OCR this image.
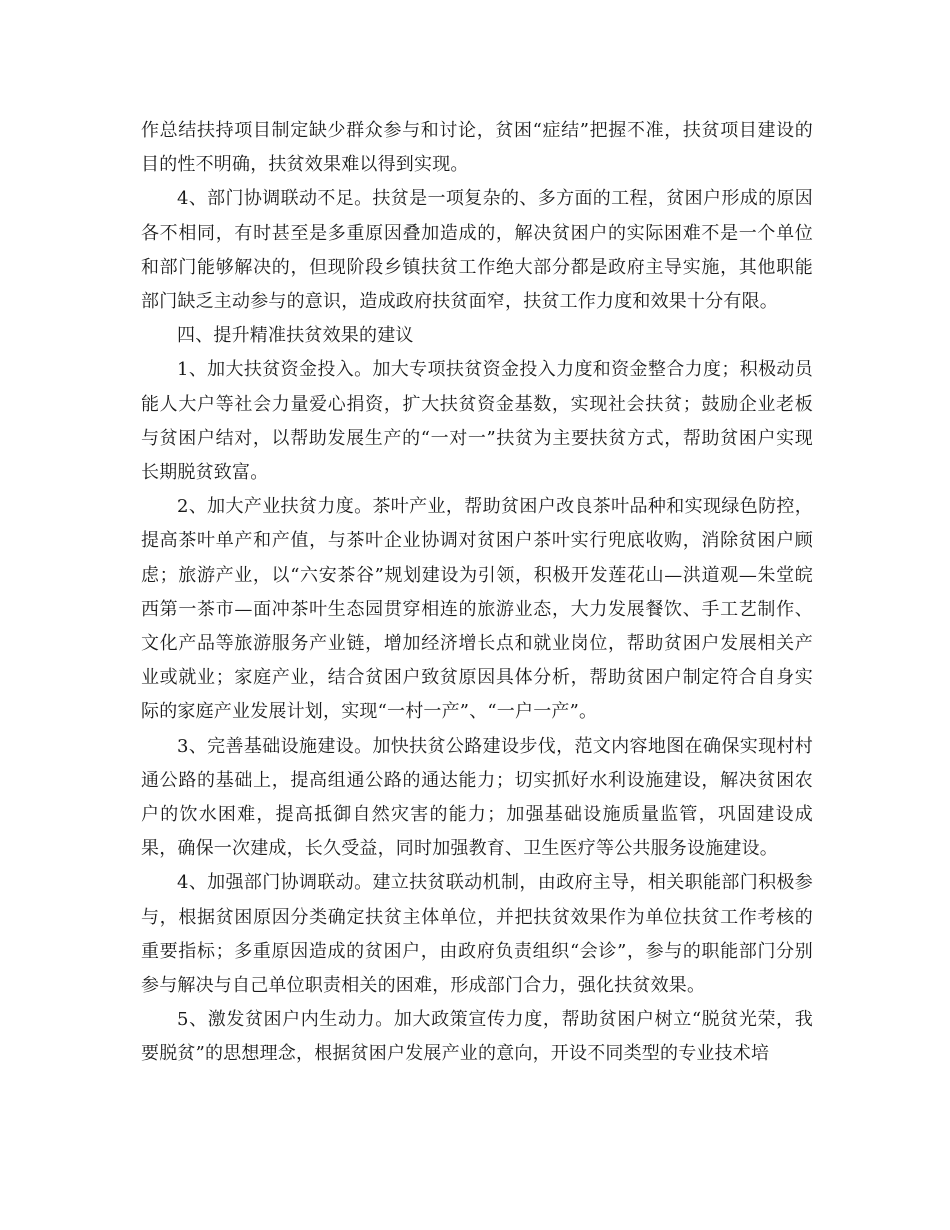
作总结扶持项目制定缺少群众参与和讨论，贫困“症结”把握不准，扶贫项目建设的目的性不明确，扶贫效果难以得到实现。

4、部门协调联动不足。扶贫是一项复杂的、多方面的工程，贫困户形成的原因各不相同，有时甚至是多重原因叠加造成的，解决贫困户的实际困难不是一个单位和部门能够解决的，但现阶段乡镇扶贫工作绝大部分都是政府主导实施，其他职能部门缺乏主动参与的意识，造成政府扶贫面窄，扶贫工作力度和效果十分有限。

四、提升精准扶贫效果的建议

1、加大扶贫资金投入。加大专项扶贫资金投入力度和资金整合力度；积极动员能人大户等社会力量爱心捐资，扩大扶贫资金基数，实现社会扶贫；鼓励企业老板与贫困户结对，以帮助发展生产的“一对一”扶贫为主要扶贫方式，帮助贫困户实现长期脱贫致富。

2、加大产业扶贫力度。茶叶产业，帮助贫困户改良茶叶品种和实现绿色防控，提高茶叶单产和产值，与茶叶企业协调对贫困户茶叶实行兜底收购，消除贫困户顾虑；旅游产业，以“六安茶谷”规划建设为引领，积极开发莲花山—洪道观—朱堂皖西第一茶市—面冲茶叶生态园贯穿相连的旅游业态，大力发展餐饮、手工艺制作、文化产品等旅游服务产业链，增加经济增长点和就业岗位，帮助贫困户发展相关产业或就业；家庭产业，结合贫困户致贫原因具体分析，帮助贫困户制定符合自身实际的家庭产业发展计划，实现“一村一产”、“一户一产”。

3、完善基础设施建设。加快扶贫公路建设步伐，范文内容地图在确保实现村村通公路的基础上，提高组通公路的通达能力；切实抓好水利设施建设，解决贫困农户的饮水困难，提高抵御自然灾害的能力；加强基础设施质量监管，巩固建设成果，确保一次建成，长久受益，同时加强教育、卫生医疗等公共服务设施建设。

4、加强部门协调联动。建立扶贫联动机制，由政府主导，相关职能部门积极参与，根据贫困原因分类确定扶贫主体单位，并把扶贫效果作为单位扶贫工作考核的重要指标；多重原因造成的贫困户，由政府负责组织“会诊”，参与的职能部门分别参与解决与自己单位职责相关的困难，形成部门合力，强化扶贫效果。

5、激发贫困户内生动力。加大政策宣传力度，帮助贫困户树立“脱贫光荣，我要脱贫”的思想理念，根据贫困户发展产业的意向，开设不同类型的专业技术培
